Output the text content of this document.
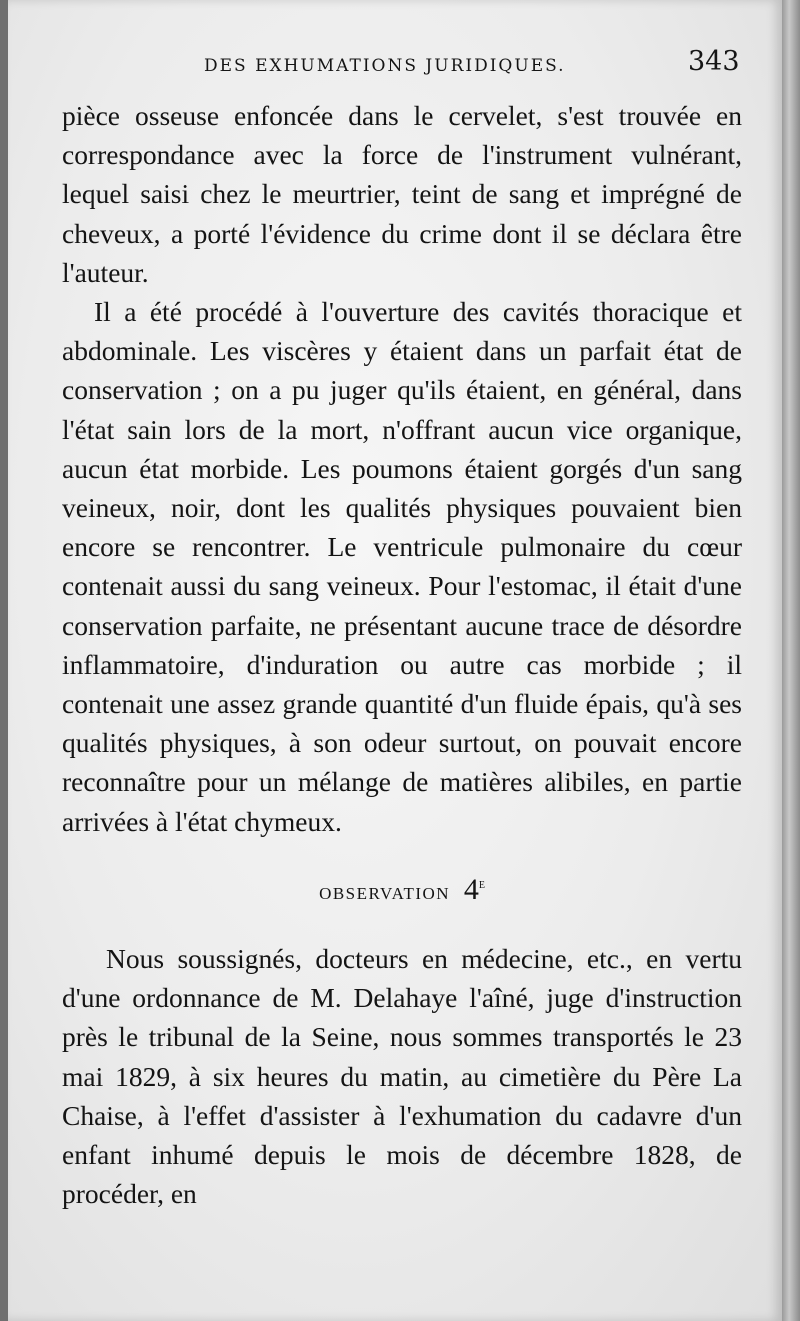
DES EXHUMATIONS JURIDIQUES.	343

pièce osseuse enfoncée dans le cervelet, s'est trouvée en correspondance avec la force de l'instrument vulnérant, lequel saisi chez le meurtrier, teint de sang et imprégné de cheveux, a porté l'évidence du crime dont il se déclara être l'auteur.

Il a été procédé à l'ouverture des cavités thoracique et abdominale. Les viscères y étaient dans un parfait état de conservation ; on a pu juger qu'ils étaient, en général, dans l'état sain lors de la mort, n'offrant aucun vice organique, aucun état morbide. Les poumons étaient gorgés d'un sang veineux, noir, dont les qualités physiques pouvaient bien encore se rencontrer. Le ventricule pulmonaire du cœur contenait aussi du sang veineux. Pour l'estomac, il était d'une conservation parfaite, ne présentant aucune trace de désordre inflammatoire, d'induration ou autre cas morbide ; il contenait une assez grande quantité d'un fluide épais, qu'à ses qualités physiques, à son odeur surtout, on pouvait encore reconnaître pour un mélange de matières alibiles, en partie arrivées à l'état chymeux.

OBSERVATION 4e

Nous soussignés, docteurs en médecine, etc., en vertu d'une ordonnance de M. Delahaye l'aîné, juge d'instruction près le tribunal de la Seine, nous sommes transportés le 23 mai 1829, à six heures du matin, au cimetière du Père La Chaise, à l'effet d'assister à l'exhumation du cadavre d'un enfant inhumé depuis le mois de décembre 1828, de procéder, en
